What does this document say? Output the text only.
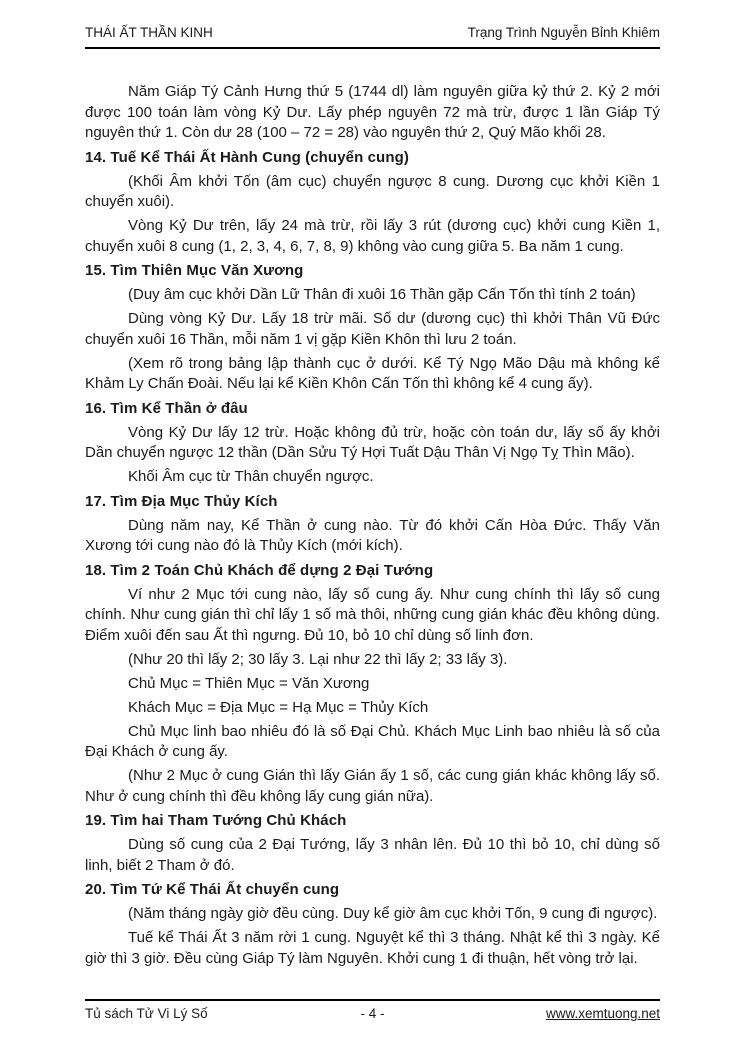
THÁI ẤT THẦN KINH	Trạng Trình Nguyễn Bỉnh Khiêm

Năm Giáp Tý Cảnh Hưng thứ 5 (1744 dl) làm nguyên giữa kỷ thứ 2. Kỷ 2 mới được 100 toán làm vòng Kỷ Dư. Lấy phép nguyên 72 mà trừ, được 1 lần Giáp Tý nguyên thứ 1. Còn dư 28 (100 – 72 = 28) vào nguyên thứ 2, Quý Mão khối 28.

14. Tuế Kể Thái Ất Hành Cung (chuyển cung)

(Khối Âm khởi Tốn (âm cục) chuyển ngược 8 cung. Dương cục khởi Kiền 1 chuyển xuôi).

Vòng Kỷ Dư trên, lấy 24 mà trừ, rồi lấy 3 rút (dương cục) khởi cung Kiền 1, chuyển xuôi 8 cung (1, 2, 3, 4, 6, 7, 8, 9) không vào cung giữa 5. Ba năm 1 cung.

15. Tìm Thiên Mục Văn Xương

(Duy âm cục khởi Dần Lữ Thân đi xuôi 16 Thần gặp Cấn Tốn thì tính 2 toán)

Dùng vòng Kỷ Dư. Lấy 18 trừ mãi. Số dư (dương cục) thì khởi Thân Vũ Đức chuyển xuôi 16 Thần, mỗi năm 1 vị gặp Kiền Khôn thì lưu 2 toán.

(Xem rõ trong bảng lập thành cục ở dưới. Kể Tý Ngọ Mão Dậu mà không kể Khảm Ly Chấn Đoài. Nếu lại kể Kiền Khôn Cấn Tốn thì không kể 4 cung ấy).

16. Tìm Kể Thần ở đâu

Vòng Kỷ Dư lấy 12 trừ. Hoặc không đủ trừ, hoặc còn toán dư, lấy số ấy khởi Dần chuyển ngược 12 thần (Dần Sửu Tý Hợi Tuất Dậu Thân Vị Ngọ Tỵ Thìn Mão).

Khối Âm cục từ Thân chuyển ngược.

17. Tìm Địa Mục Thủy Kích

Dùng năm nay, Kể Thần ở cung nào. Từ đó khởi Cấn Hòa Đức. Thấy Văn Xương tới cung nào đó là Thủy Kích (mới kích).

18. Tìm 2 Toán Chủ Khách để dựng 2 Đại Tướng

Ví như 2 Mục tới cung nào, lấy số cung ấy. Như cung chính thì lấy số cung chính. Như cung gián thì chỉ lấy 1 số mà thôi, những cung gián khác đều không dùng. Điểm xuôi đến sau Ất thì ngưng. Đủ 10, bỏ 10 chỉ dùng số linh đơn.

(Như 20 thì lấy 2; 30 lấy 3. Lại như 22 thì lấy 2; 33 lấy 3).

Chủ Mục = Thiên Mục = Văn Xương

Khách Mục = Địa Mục = Hạ Mục = Thủy Kích

Chủ Mục linh bao nhiêu đó là số Đại Chủ. Khách Mục Linh bao nhiêu là số của Đại Khách ở cung ấy.

(Như 2 Mục ở cung Gián thì lấy Gián ấy 1 số, các cung gián khác không lấy số. Như ở cung chính thì đều không lấy cung gián nữa).

19. Tìm hai Tham Tướng Chủ Khách

Dùng số cung của 2 Đại Tướng, lấy 3 nhân lên. Đủ 10 thì bỏ 10, chỉ dùng số linh, biết 2 Tham ở đó.

20. Tìm Tứ Kể Thái Ất chuyển cung

(Năm tháng ngày giờ đều cùng. Duy kể giờ âm cục khởi Tốn, 9 cung đi ngược).

Tuế kể Thái Ất 3 năm rời 1 cung. Nguyệt kể thì 3 tháng. Nhật kể thì 3 ngày. Kể giờ thì 3 giờ. Đều cùng Giáp Tý làm Nguyên. Khởi cung 1 đi thuận, hết vòng trở lại.

Tủ sách Tử Vi Lý Số	- 4 -	www.xemtuong.net
